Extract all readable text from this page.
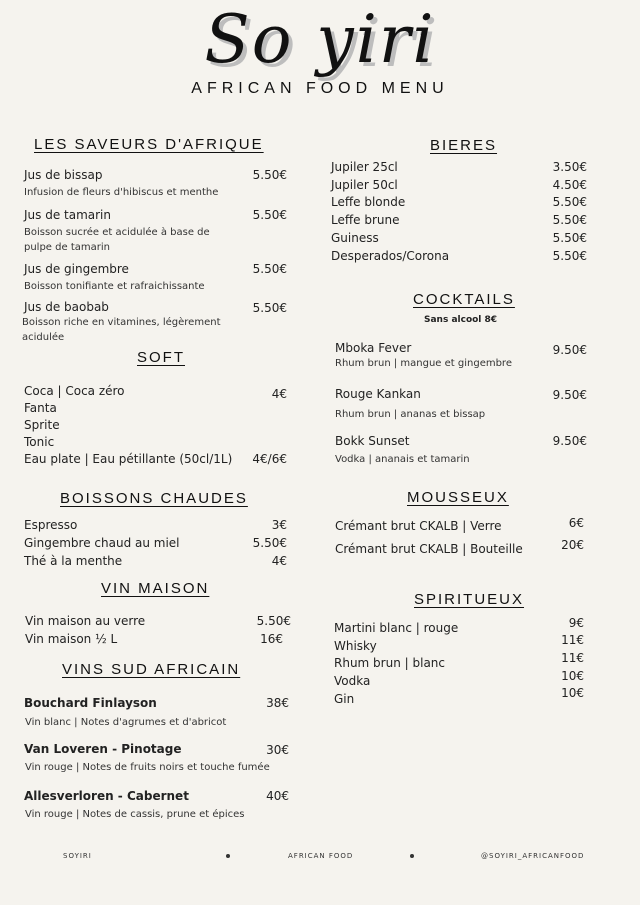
So yiri
AFRICAN FOOD MENU
LES SAVEURS D'AFRIQUE
Jus de bissap	5.50€
Infusion de fleurs d'hibiscus et menthe
Jus de tamarin	5.50€
Boisson sucrée et acidulée à base de pulpe de tamarin
Jus de gingembre	5.50€
Boisson tonifiante et rafraichissante
Jus de baobab	5.50€
Boisson riche en vitamines, légèrement acidulée
SOFT
Coca | Coca zéro	4€
Fanta
Sprite
Tonic
Eau plate | Eau pétillante (50cl/1L)	4€/6€
BOISSONS CHAUDES
Espresso	3€
Gingembre chaud au miel	5.50€
Thé à la menthe	4€
VIN MAISON
Vin maison au verre	5.50€
Vin maison ½ L	16€
VINS SUD AFRICAIN
Bouchard Finlayson	38€
Vin blanc | Notes d'agrumes et d'abricot
Van Loveren - Pinotage	30€
Vin rouge | Notes de fruits noirs et touche fumée
Allesverloren - Cabernet	40€
Vin rouge | Notes de cassis, prune et épices
BIERES
Jupiler 25cl	3.50€
Jupiler 50cl	4.50€
Leffe blonde	5.50€
Leffe brune	5.50€
Guiness	5.50€
Desperados/Corona	5.50€
COCKTAILS
Sans alcool 8€
Mboka Fever	9.50€
Rhum brun | mangue et gingembre
Rouge Kankan	9.50€
Rhum brun | ananas et bissap
Bokk Sunset	9.50€
Vodka | ananais et tamarin
MOUSSEUX
Crémant brut CKALB | Verre	6€
Crémant brut CKALB | Bouteille	20€
SPIRITUEUX
Martini blanc | rouge	9€
Whisky	11€
Rhum brun | blanc	11€
Vodka	10€
Gin	10€
SOYIRI	AFRICAN FOOD	@SOYIRI_AFRICANFOOD
